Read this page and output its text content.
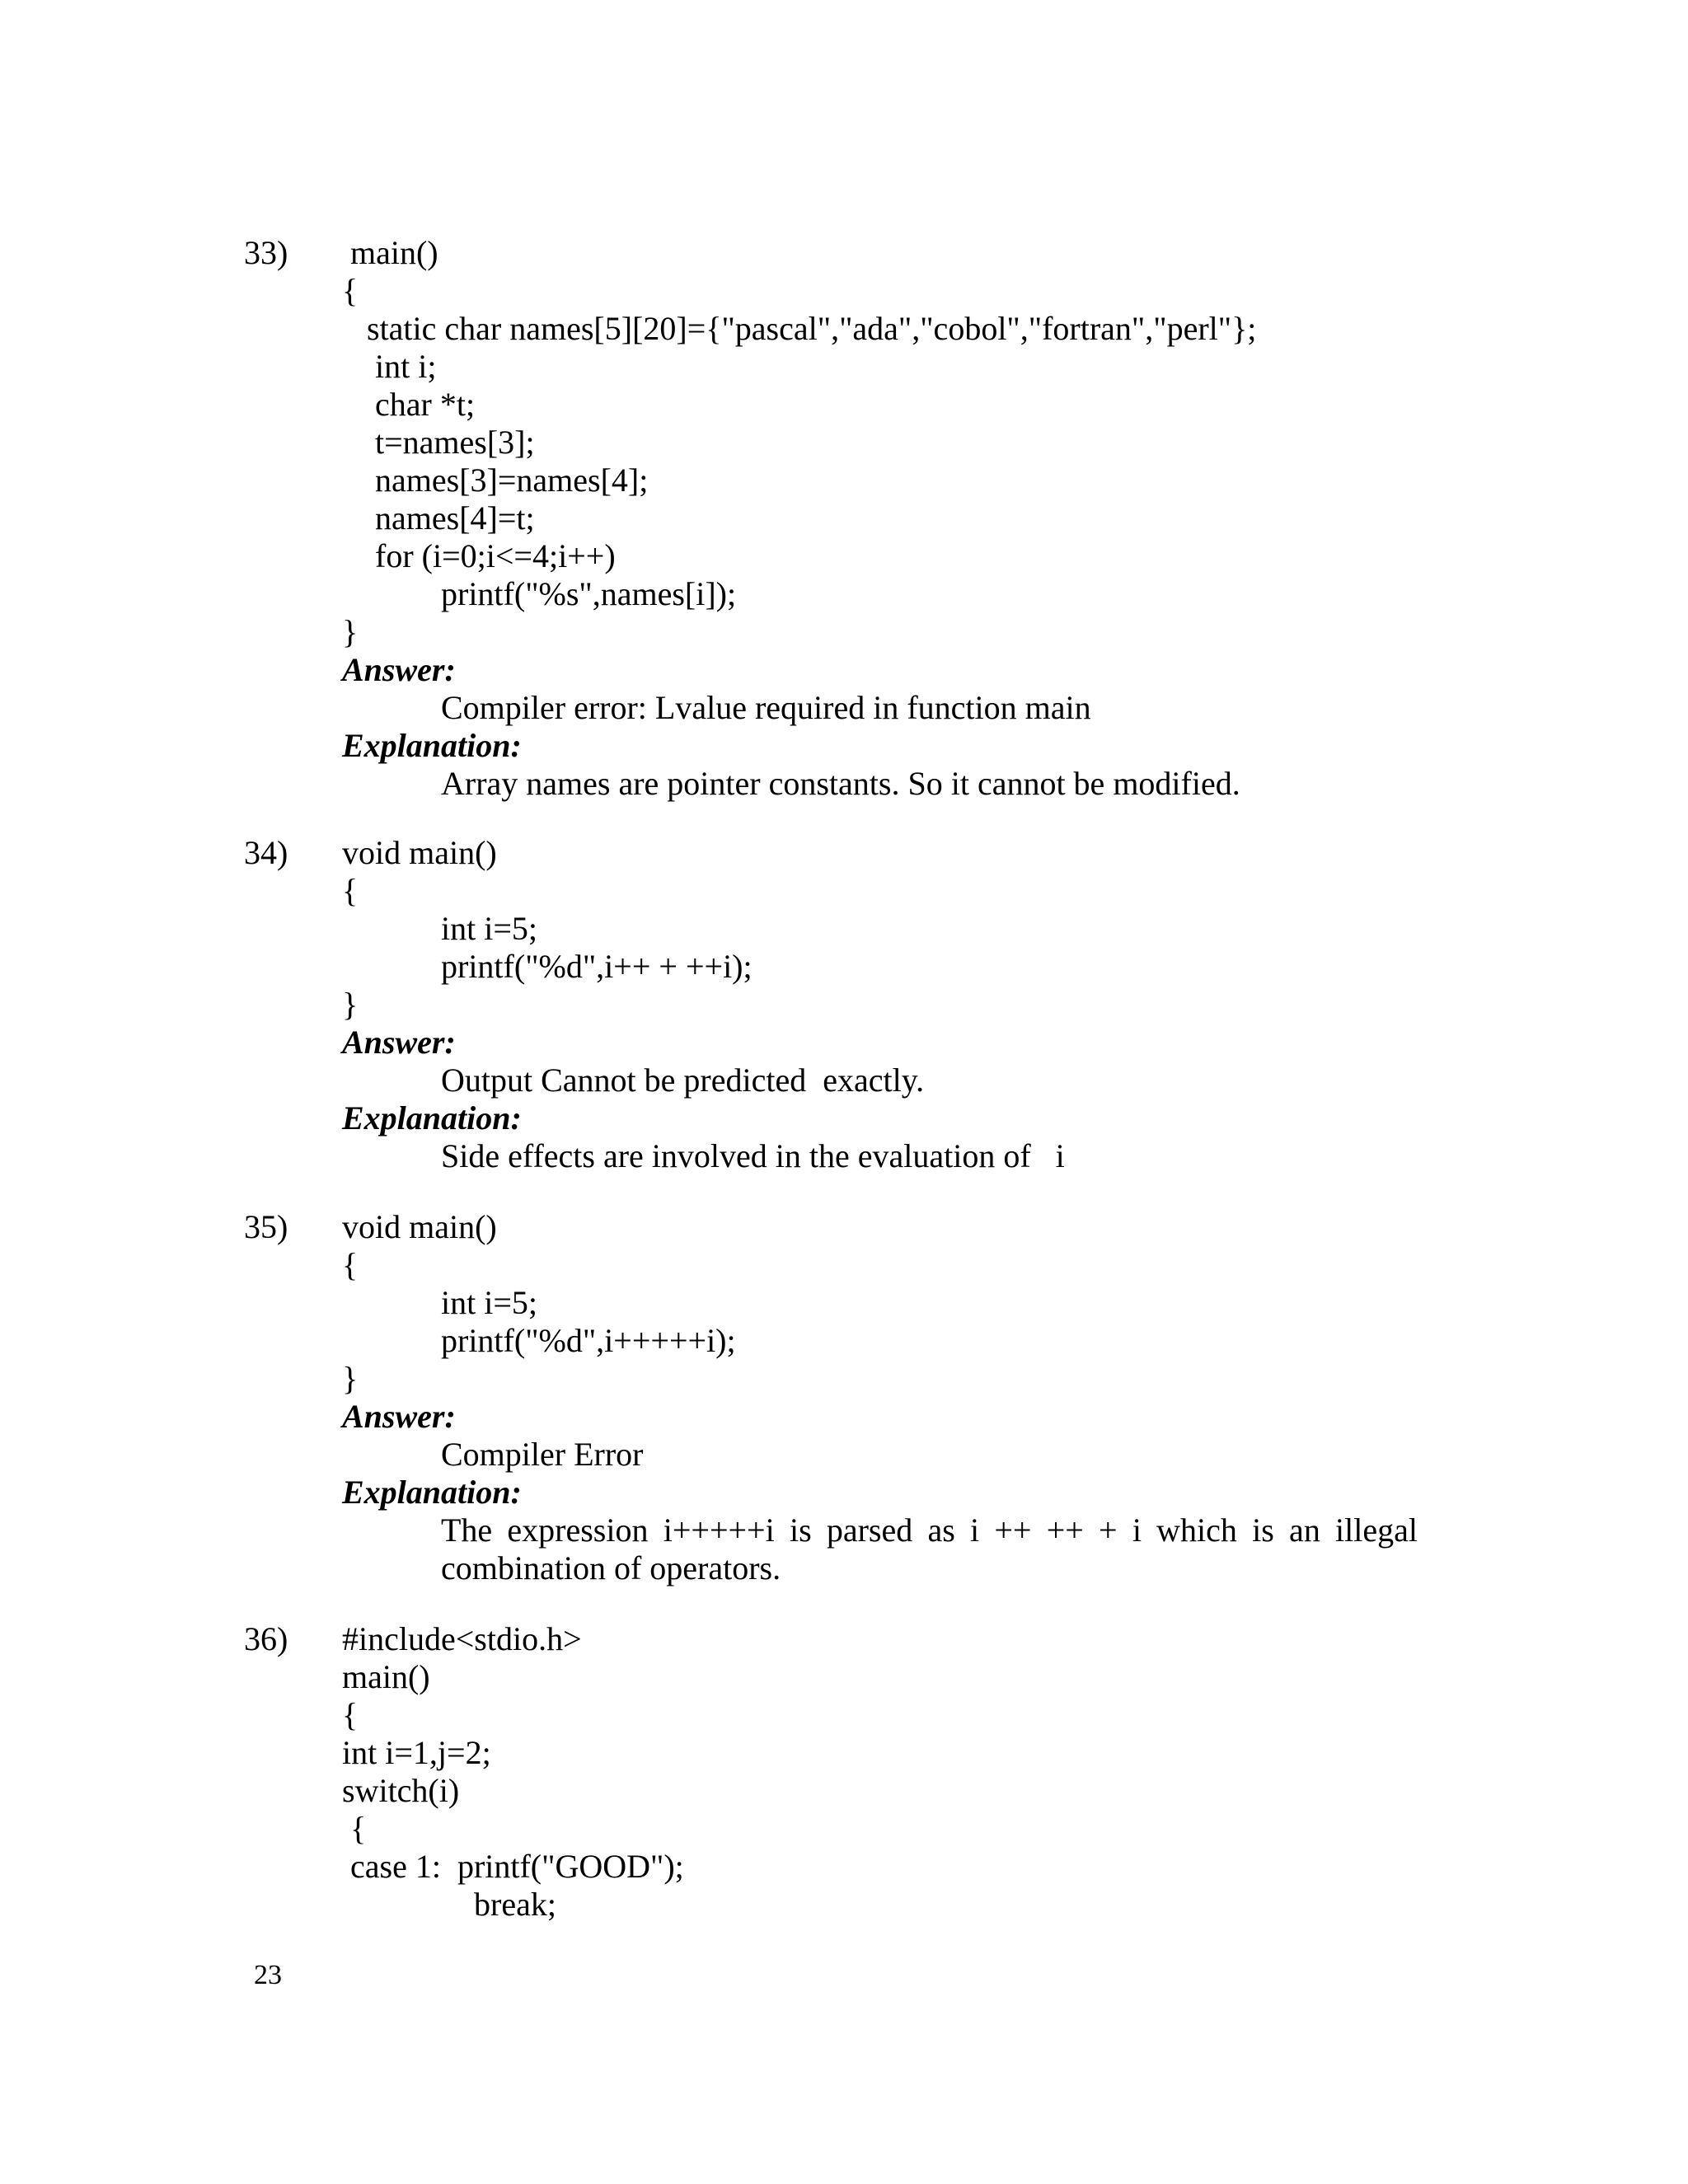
33) main()
{
static char names[5][20]={"pascal","ada","cobol","fortran","perl"};
int i;
char *t;
t=names[3];
names[3]=names[4];
names[4]=t;
for (i=0;i<=4;i++)
printf("%s",names[i]);
}
Answer:
Compiler error: Lvalue required in function main
Explanation:
Array names are pointer constants. So it cannot be modified.
34) void main()
{
int i=5;
printf("%d",i++ + ++i);
}
Answer:
Output Cannot be predicted  exactly.
Explanation:
Side effects are involved in the evaluation of   i
35) void main()
{
int i=5;
printf("%d",i+++++i);
}
Answer:
Compiler Error
Explanation:
The expression i+++++i is parsed as i ++ ++ + i which is an illegal combination of operators.
36) #include<stdio.h>
main()
{
int i=1,j=2;
switch(i)
{
case 1:  printf("GOOD");
break;
23
